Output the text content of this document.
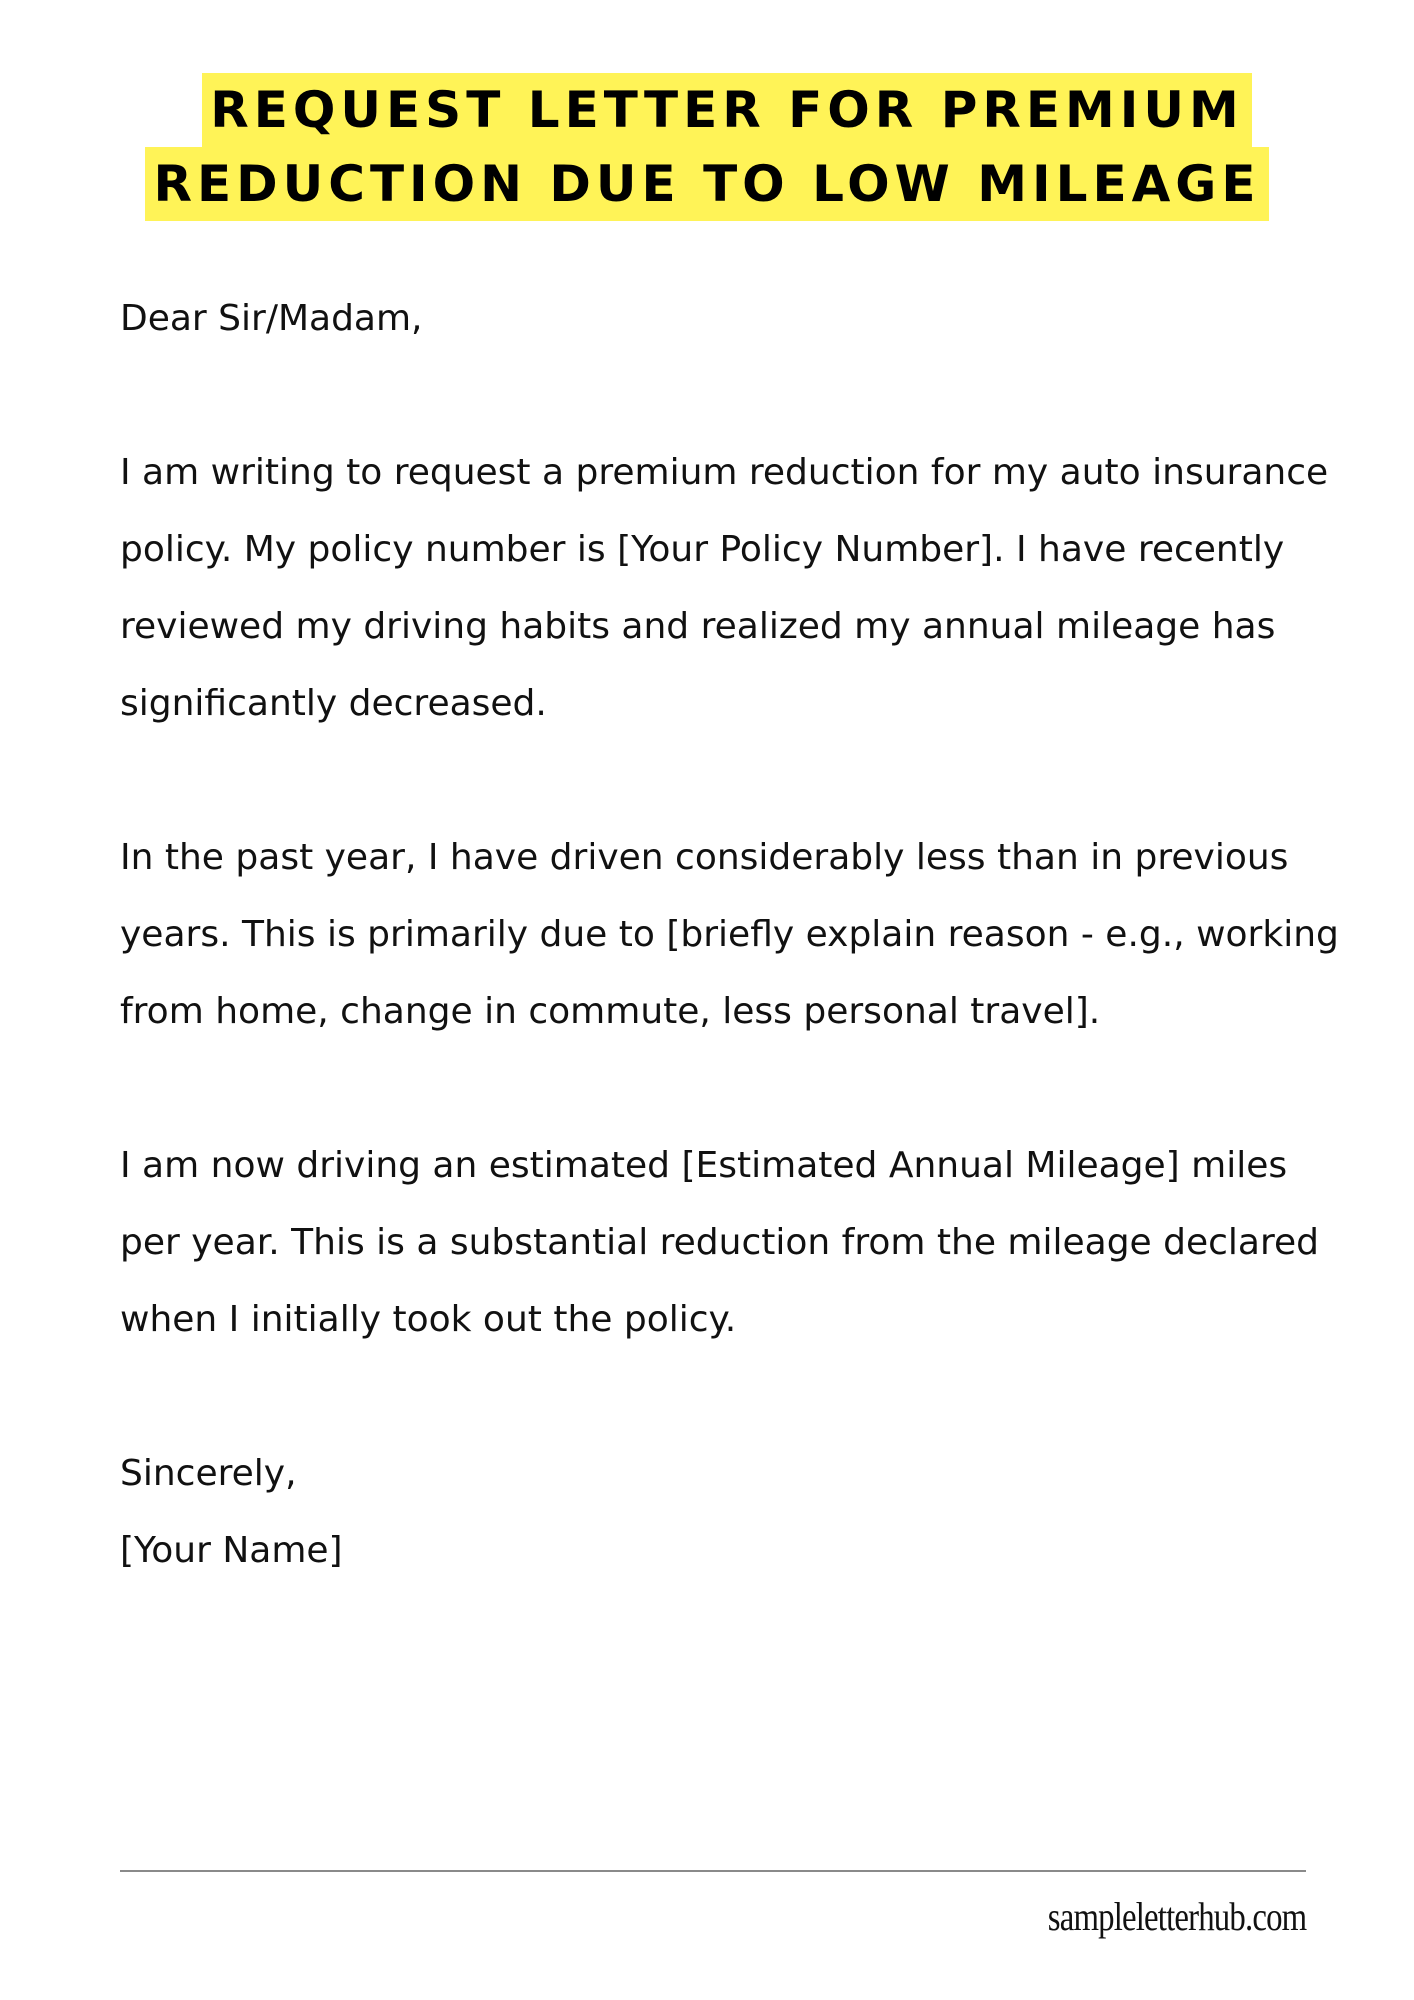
REQUEST LETTER FOR PREMIUM
REDUCTION DUE TO LOW MILEAGE

Dear Sir/Madam,

I am writing to request a premium reduction for my auto insurance policy. My policy number is [Your Policy Number]. I have recently reviewed my driving habits and realized my annual mileage has significantly decreased.

In the past year, I have driven considerably less than in previous years. This is primarily due to [briefly explain reason - e.g., working from home, change in commute, less personal travel].

I am now driving an estimated [Estimated Annual Mileage] miles per year. This is a substantial reduction from the mileage declared when I initially took out the policy.

Sincerely,

[Your Name]

sampleletterhub.com
